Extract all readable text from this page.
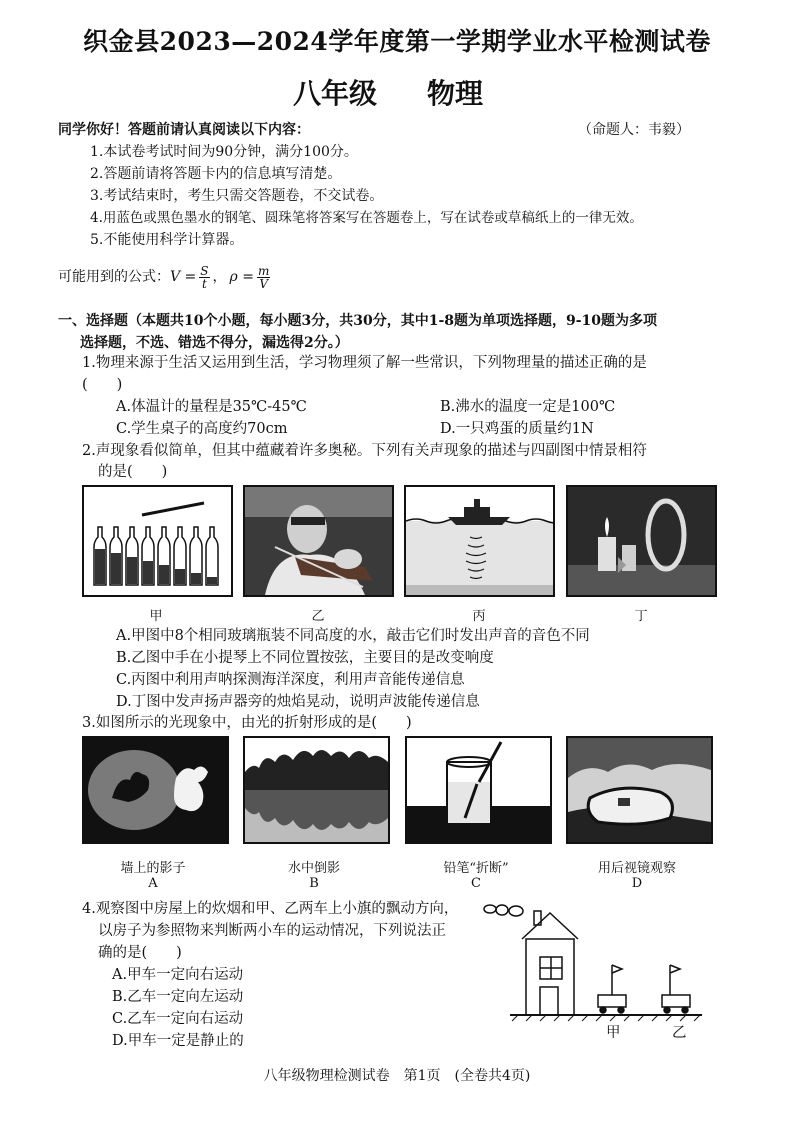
织金县2023—2024学年度第一学期学业水平检测试卷
八年级 物理
同学你好！答题前请认真阅读以下内容：	（命题人：韦毅）
1.本试卷考试时间为90分钟，满分100分。
2.答题前请将答题卡内的信息填写清楚。
3.考试结束时，考生只需交答题卷，不交试卷。
4.用蓝色或黑色墨水的钢笔、圆珠笔将答案写在答题卷上，写在试卷或草稿纸上的一律无效。
5.不能使用科学计算器。
可能用到的公式： $V = \frac{S}{t}$ ， $\rho = \frac{m}{V}$
一、选择题（本题共10个小题，每小题3分，共30分，其中1-8题为单项选择题，9-10题为多项
选择题，不选、错选不得分，漏选得2分。）
1.物理来源于生活又运用到生活，学习物理须了解一些常识，下列物理量的描述正确的是
(　　)
A.体温计的量程是35℃-45℃	B.沸水的温度一定是100℃
C.学生桌子的高度约70cm	D.一只鸡蛋的质量约1N
2.声现象看似简单，但其中蕴藏着许多奥秘。下列有关声现象的描述与四副图中情景相符
的是(　　)
甲	乙	丙	丁
A.甲图中8个相同玻璃瓶装不同高度的水，敲击它们时发出声音的音色不同
B.乙图中手在小提琴上不同位置按弦，主要目的是改变响度
C.丙图中利用声呐探测海洋深度，利用声音能传递信息
D.丁图中发声扬声器旁的烛焰晃动，说明声波能传递信息
3.如图所示的光现象中，由光的折射形成的是(　　)
墙上的影子	水中倒影	铅笔“折断”	用后视镜观察
A	B	C	D
4.观察图中房屋上的炊烟和甲、乙两车上小旗的飘动方向，
以房子为参照物来判断两小车的运动情况，下列说法正
确的是(　　)
A.甲车一定向右运动
B.乙车一定向左运动
C.乙车一定向右运动
D.甲车一定是静止的	甲	乙
八年级物理检测试卷　第1页　(全卷共4页)
